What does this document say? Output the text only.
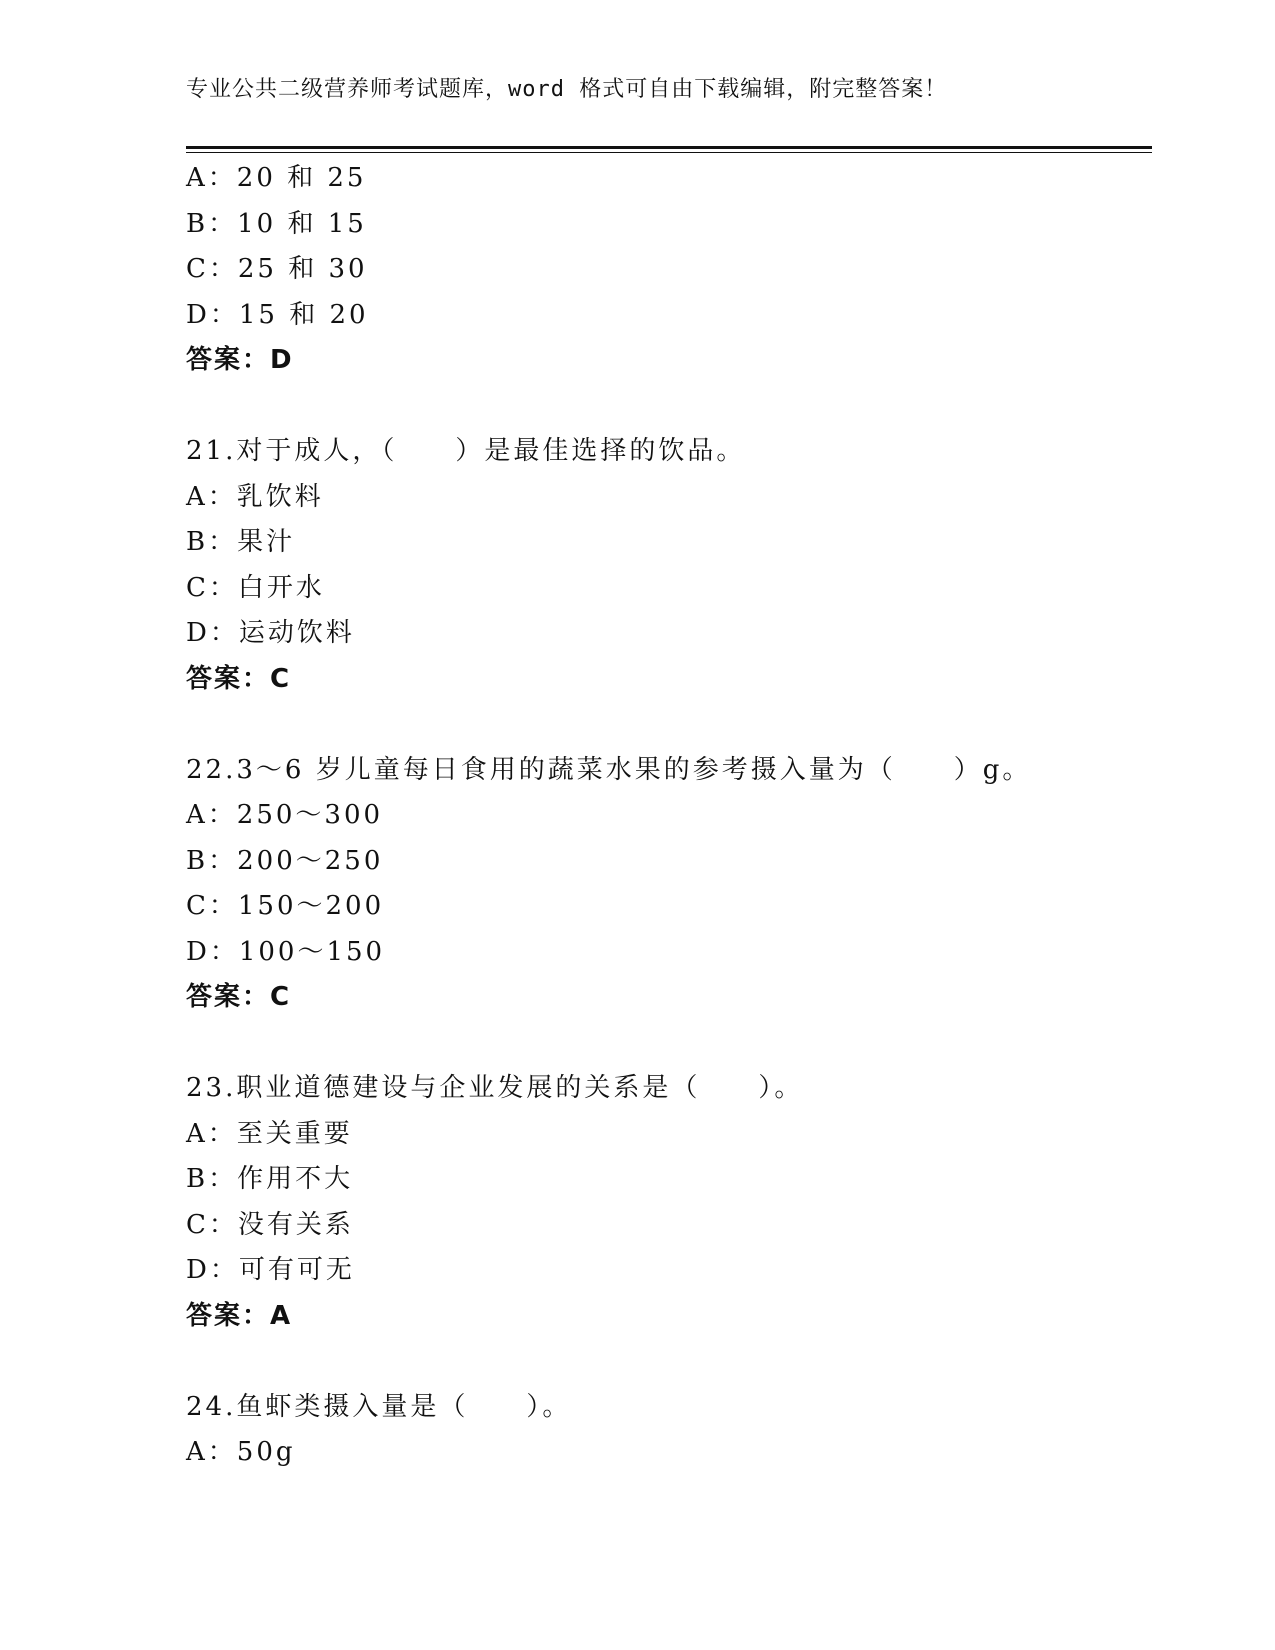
专业公共二级营养师考试题库，word 格式可自由下载编辑，附完整答案！
A：20 和 25
B：10 和 15
C：25 和 30
D：15 和 20
答案：D
21.对于成人，（　　）是最佳选择的饮品。
A：乳饮料
B：果汁
C：白开水
D：运动饮料
答案：C
22.3～6 岁儿童每日食用的蔬菜水果的参考摄入量为（　　）g。
A：250～300
B：200～250
C：150～200
D：100～150
答案：C
23.职业道德建设与企业发展的关系是（　　）。
A：至关重要
B：作用不大
C：没有关系
D：可有可无
答案：A
24.鱼虾类摄入量是（　　）。
A：50g
